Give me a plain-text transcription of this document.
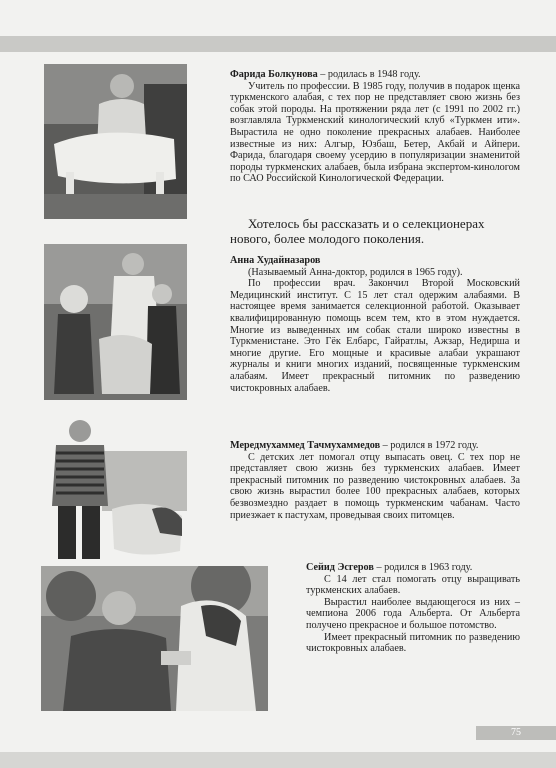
Фарида Болкунова – родилась в 1948 году.

Учитель по профессии. В 1985 году, получив в подарок щенка туркменского алабая, с тех пор не представляет свою жизнь без собак этой породы. На протяжении ряда лет (с 1991 по 2002 гг.) возглавляла Туркменский кинологический клуб «Туркмен ити». Вырастила не одно поколение прекрасных алабаев. Наиболее известные из них: Алгыр, Юзбаш, Бетер, Акбай и Айпери. Фарида, благодаря своему усердию в популяризации знаменитой породы туркменских алабаев, была избрана экспертом-кинологом по САО Российской Кинологической Федерации.

Хотелось бы рассказать и о селекционерах нового, более молодого поколения.

Анна Худайназаров

(Называемый Анна-доктор, родился в 1965 году).

По профессии врач. Закончил Второй Московский Медицинский институт. С 15 лет стал одержим алабаями. В настоящее время занимается селекционной работой. Оказывает квалифицированную помощь всем тем, кто в этом нуждается. Многие из выведенных им собак стали широко известны в Туркменистане. Это Гёк Елбарс, Гайратлы, Ажзар, Недирша и многие другие. Его мощные и красивые алабаи украшают журналы и книги многих изданий, посвященные туркменским алабаям. Имеет прекрасный питомник по разведению чистокровных алабаев.

Мередмухаммед Тачмухаммедов – родился в 1972 году.

С детских лет помогал отцу выпасать овец. С тех пор не представляет свою жизнь без туркменских алабаев. Имеет прекрасный питомник по разведению чистокровных алабаев. За свою жизнь вырастил более 100 прекрасных алабаев, которых безвозмездно раздает в помощь туркменским чабанам. Часто приезжает к пастухам, проведывая своих питомцев.

Сейид Эсгеров – родился в 1963 году.

С 14 лет стал помогать отцу выращивать туркменских алабаев.

Вырастил наиболее выдающегося из них – чемпиона 2006 года Альберта. От Альберта получено прекрасное и большое потомство.

Имеет прекрасный питомник по разведению чистокровных алабаев.

75
